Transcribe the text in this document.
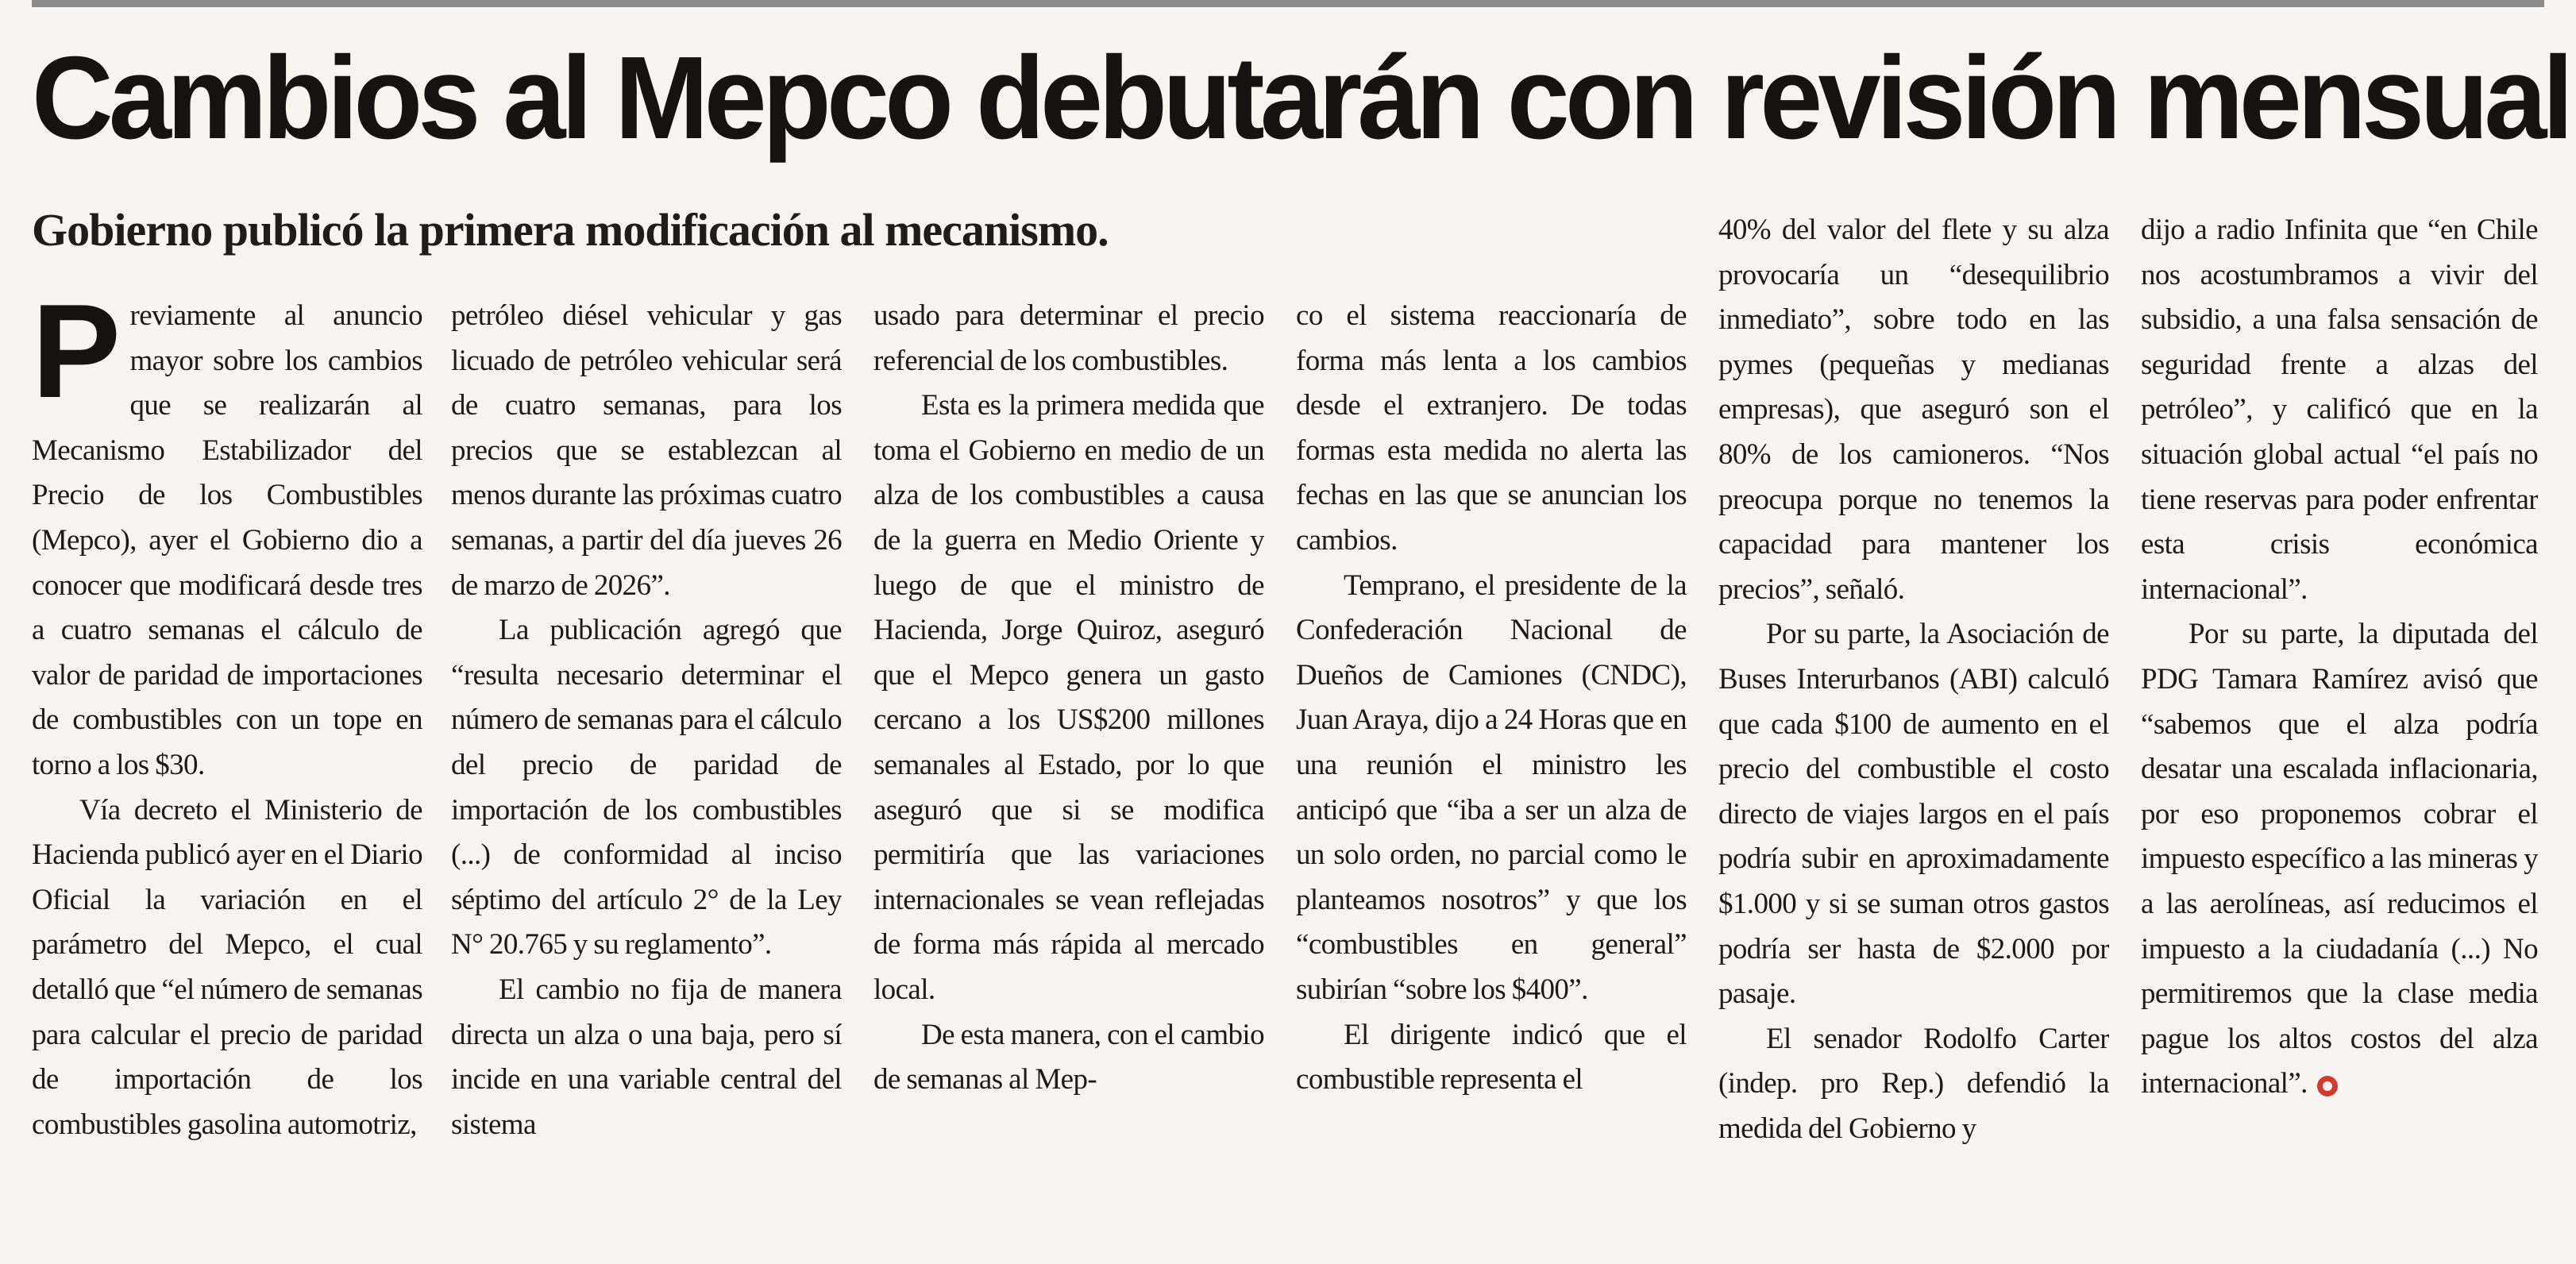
Cambios al Mepco debutarán con revisión mensual
Gobierno publicó la primera modificación al mecanismo.

Previamente al anuncio mayor sobre los cambios que se realizarán al Mecanismo Estabilizador del Precio de los Combustibles (Mepco), ayer el Gobierno dio a conocer que modificará desde tres a cuatro semanas el cálculo de valor de paridad de importaciones de combustibles con un tope en torno a los $30.

Vía decreto el Ministerio de Hacienda publicó ayer en el Diario Oficial la variación en el parámetro del Mepco, el cual detalló que “el número de semanas para calcular el precio de paridad de importación de los combustibles gasolina automotriz,

petróleo diésel vehicular y gas licuado de petróleo vehicular será de cuatro semanas, para los precios que se establezcan al menos durante las próximas cuatro semanas, a partir del día jueves 26 de marzo de 2026”.

La publicación agregó que “resulta necesario determinar el número de semanas para el cálculo del precio de paridad de importación de los combustibles (...) de conformidad al inciso séptimo del artículo 2° de la Ley N° 20.765 y su reglamento”.

El cambio no fija de manera directa un alza o una baja, pero sí incide en una variable central del sistema

usado para determinar el precio referencial de los combustibles.

Esta es la primera medida que toma el Gobierno en medio de un alza de los combustibles a causa de la guerra en Medio Oriente y luego de que el ministro de Hacienda, Jorge Quiroz, aseguró que el Mepco genera un gasto cercano a los US$200 millones semanales al Estado, por lo que aseguró que si se modifica permitiría que las variaciones internacionales se vean reflejadas de forma más rápida al mercado local.

De esta manera, con el cambio de semanas al Mep-

co el sistema reaccionaría de forma más lenta a los cambios desde el extranjero. De todas formas esta medida no alerta las fechas en las que se anuncian los cambios.

Temprano, el presidente de la Confederación Nacional de Dueños de Camiones (CNDC), Juan Araya, dijo a 24 Horas que en una reunión el ministro les anticipó que “iba a ser un alza de un solo orden, no parcial como le planteamos nosotros” y que los “combustibles en general” subirían “sobre los $400”.

El dirigente indicó que el combustible representa el

40% del valor del flete y su alza provocaría un “desequilibrio inmediato”, sobre todo en las pymes (pequeñas y medianas empresas), que aseguró son el 80% de los camioneros. “Nos preocupa porque no tenemos la capacidad para mantener los precios”, señaló.

Por su parte, la Asociación de Buses Interurbanos (ABI) calculó que cada $100 de aumento en el precio del combustible el costo directo de viajes largos en el país podría subir en aproximadamente $1.000 y si se suman otros gastos podría ser hasta de $2.000 por pasaje.

El senador Rodolfo Carter (indep. pro Rep.) defendió la medida del Gobierno y

dijo a radio Infinita que “en Chile nos acostumbramos a vivir del subsidio, a una falsa sensación de seguridad frente a alzas del petróleo”, y calificó que en la situación global actual “el país no tiene reservas para poder enfrentar esta crisis económica internacional”.

Por su parte, la diputada del PDG Tamara Ramírez avisó que “sabemos que el alza podría desatar una escalada inflacionaria, por eso proponemos cobrar el impuesto específico a las mineras y a las aerolíneas, así reducimos el impuesto a la ciudadanía (...) No permitiremos que la clase media pague los altos costos del alza internacional”.
